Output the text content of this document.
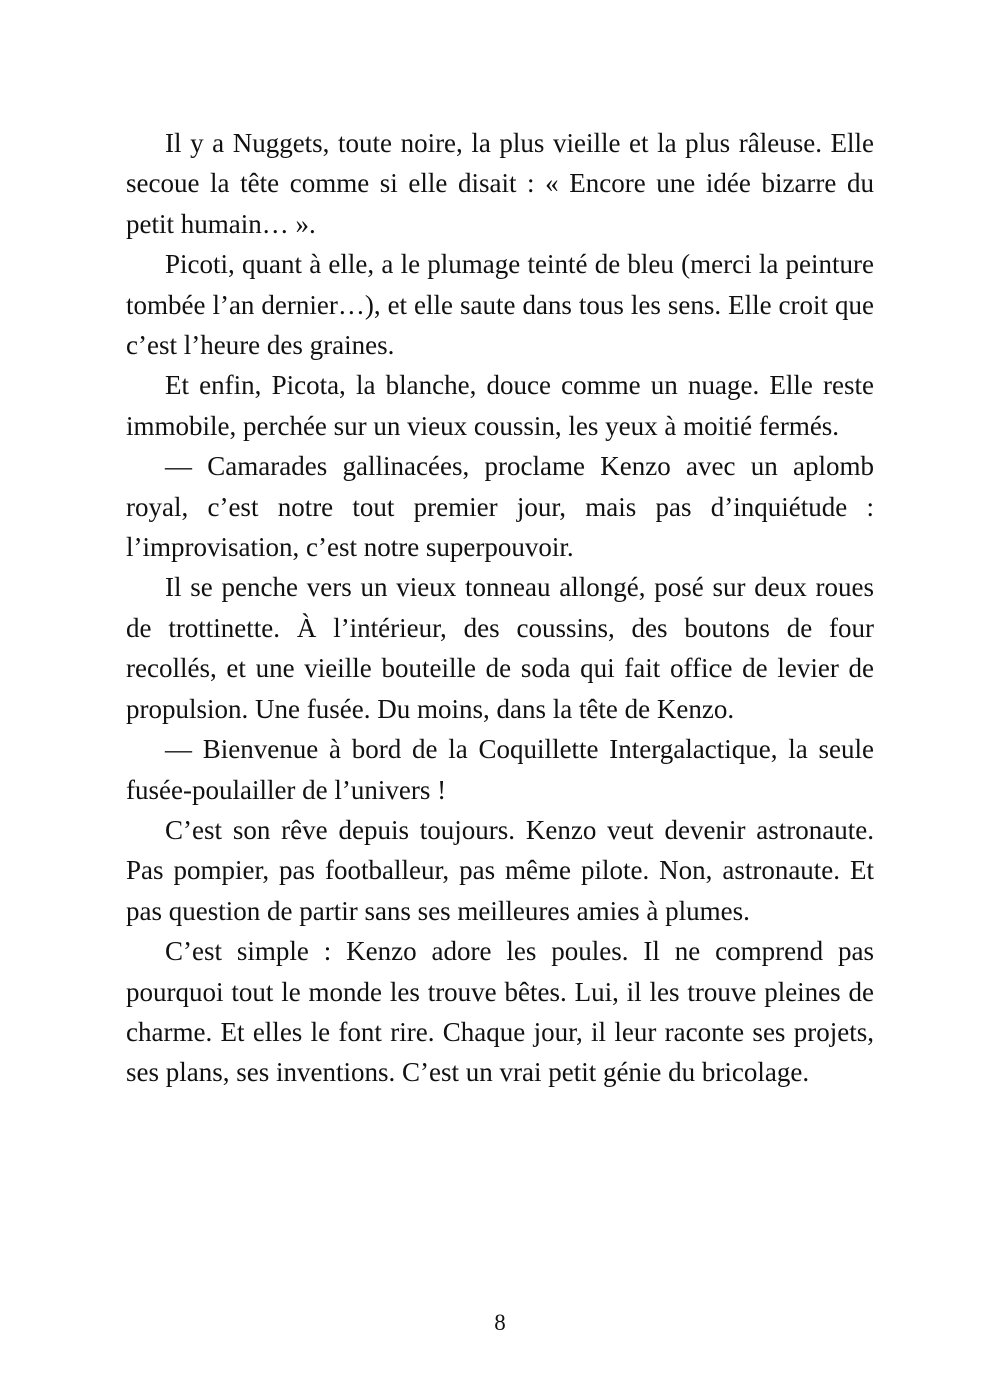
Il y a Nuggets, toute noire, la plus vieille et la plus râleuse. Elle secoue la tête comme si elle disait : « Encore une idée bizarre du petit humain… ».

Picoti, quant à elle, a le plumage teinté de bleu (merci la peinture tombée l’an dernier…), et elle saute dans tous les sens. Elle croit que c’est l’heure des graines.

Et enfin, Picota, la blanche, douce comme un nuage. Elle reste immobile, perchée sur un vieux coussin, les yeux à moitié fermés.

— Camarades gallinacées, proclame Kenzo avec un aplomb royal, c’est notre tout premier jour, mais pas d’inquiétude : l’improvisation, c’est notre superpouvoir.

Il se penche vers un vieux tonneau allongé, posé sur deux roues de trottinette. À l’intérieur, des coussins, des boutons de four recollés, et une vieille bouteille de soda qui fait office de levier de propulsion. Une fusée. Du moins, dans la tête de Kenzo.

— Bienvenue à bord de la Coquillette Intergalactique, la seule fusée-poulailler de l’univers !

C’est son rêve depuis toujours. Kenzo veut devenir astronaute. Pas pompier, pas footballeur, pas même pilote. Non, astronaute. Et pas question de partir sans ses meilleures amies à plumes.

C’est simple : Kenzo adore les poules. Il ne comprend pas pourquoi tout le monde les trouve bêtes. Lui, il les trouve pleines de charme. Et elles le font rire. Chaque jour, il leur raconte ses projets, ses plans, ses inventions. C’est un vrai petit génie du bricolage.

8
